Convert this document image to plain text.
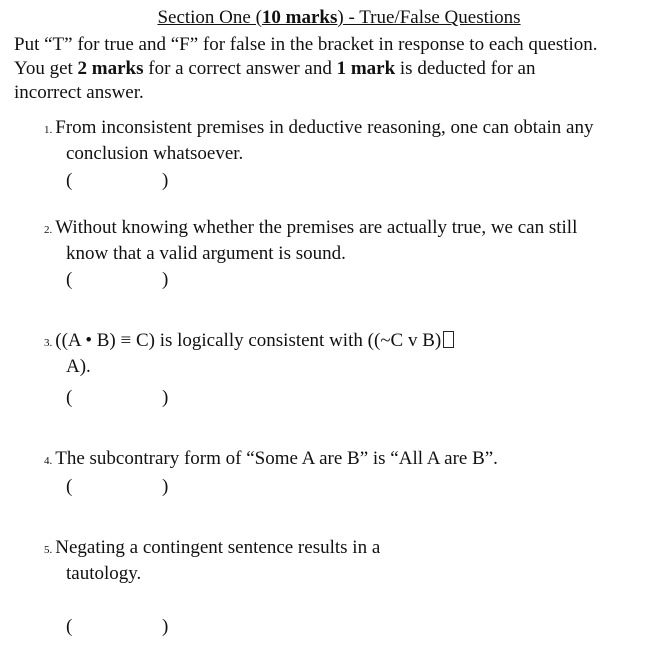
Section One (10 marks) - True/False Questions
Put “T” for true and “F” for false in the bracket in response to each question.
You get 2 marks for a correct answer and 1 mark is deducted for an
incorrect answer.
1. From inconsistent premises in deductive reasoning, one can obtain any
conclusion whatsoever.
(	)
2. Without knowing whether the premises are actually true, we can still
know that a valid argument is sound.
(	)
3. ((A • B) ≡ C) is logically consistent with ((~C v B)
A).
(	)
4. The subcontrary form of “Some A are B” is “All A are B”.
(	)
5. Negating a contingent sentence results in a
tautology.
(	)
